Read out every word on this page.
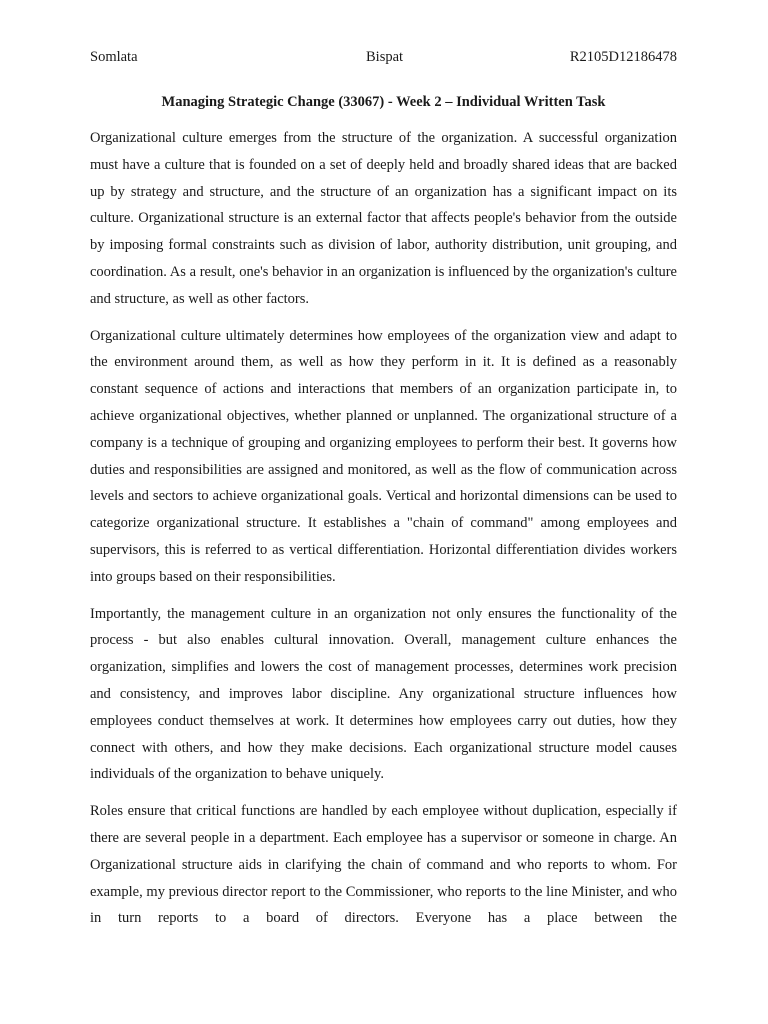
Somlata	Bispat	R2105D12186478
Managing Strategic Change (33067) - Week 2 – Individual Written Task

Organizational culture emerges from the structure of the organization. A successful organization must have a culture that is founded on a set of deeply held and broadly shared ideas that are backed up by strategy and structure, and the structure of an organization has a significant impact on its culture. Organizational structure is an external factor that affects people's behavior from the outside by imposing formal constraints such as division of labor, authority distribution, unit grouping, and coordination. As a result, one's behavior in an organization is influenced by the organization's culture and structure, as well as other factors.

Organizational culture ultimately determines how employees of the organization view and adapt to the environment around them, as well as how they perform in it. It is defined as a reasonably constant sequence of actions and interactions that members of an organization participate in, to achieve organizational objectives, whether planned or unplanned. The organizational structure of a company is a technique of grouping and organizing employees to perform their best. It governs how duties and responsibilities are assigned and monitored, as well as the flow of communication across levels and sectors to achieve organizational goals. Vertical and horizontal dimensions can be used to categorize organizational structure. It establishes a "chain of command" among employees and supervisors, this is referred to as vertical differentiation. Horizontal differentiation divides workers into groups based on their responsibilities.

Importantly, the management culture in an organization not only ensures the functionality of the process - but also enables cultural innovation. Overall, management culture enhances the organization, simplifies and lowers the cost of management processes, determines work precision and consistency, and improves labor discipline. Any organizational structure influences how employees conduct themselves at work. It determines how employees carry out duties, how they connect with others, and how they make decisions. Each organizational structure model causes individuals of the organization to behave uniquely.

Roles ensure that critical functions are handled by each employee without duplication, especially if there are several people in a department. Each employee has a supervisor or someone in charge. An Organizational structure aids in clarifying the chain of command and who reports to whom. For example, my previous director report to the Commissioner, who reports to the line Minister, and who in turn reports to a board of directors. Everyone has a place between the
